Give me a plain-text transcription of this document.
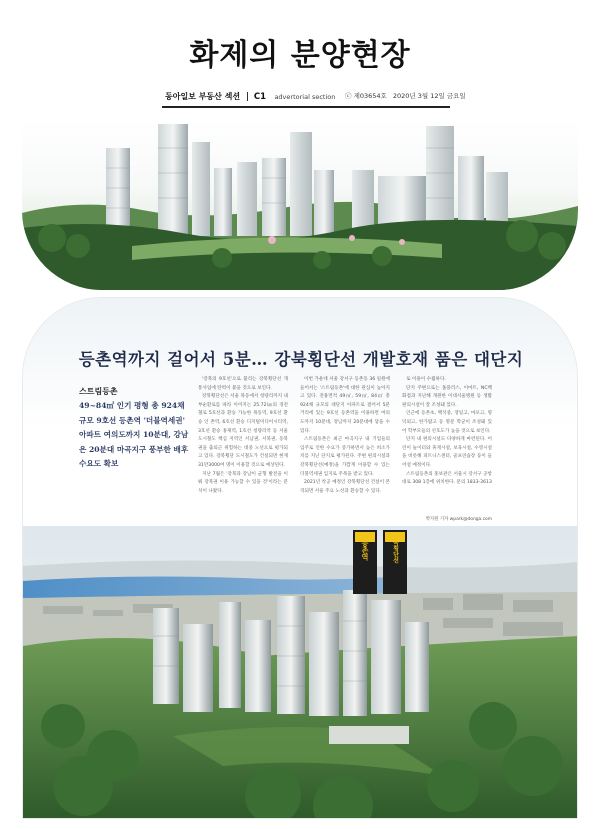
화제의 분양현장
동아일보 부동산 섹션 C1 advertorial section	ⓒ 제03654호 2020년 3월 12일 금요일
등촌역까지 걸어서 5분… 강북횡단선 개발호재 품은 대단지
스트림등촌
49~84㎡ 인기 평형 총 924채 규모 9호선 등촌역 '더블역세권' 아파트 여의도까지 10분대, 강남은 20분대 마곡지구 풍부한 배후수요도 확보

'강북의 9호선'으로 불리는 강북횡단선 개통사업에 탄력이 붙을 것으로 보인다.

강북횡단선은 서울 목동에서 청량리까지 내부순환로를 따라 이어지는 25.72㎞의 경전철로 5호선과 환승 가능한 목동역, 9호선 환승 인 촌역, 6호선 환승 디지털미디어시티역, 3호선 환승 홍제역, 1호선 청량리역 등 서울 도시철도 핵심 지역인 서남권, 서북권, 동북권을 출퇴근 위험하는 대중 노선으로 평가되고 있다. 강북횡단 도시철도가 건설되면 현재 31만3000여 명이 이용할 것으로 예상된다.

지난 7월은 '강북과 강남이 균형 발전을 이뤄 강북권 이용 가능할 수 있을 것'이라는 분석이 나왔다.

이번 가운데 서울 강서구 등촌동 36 일원에 들어서는 '스트림등촌'에 대한 관심이 높아지고 있다. 전용면적 49㎡, 59㎡, 84㎡ 총 924채 규모의 대단지 아파트로 걸어서 5분 거리에 있는 9호선 등촌역을 이용하면 여의도까지 10분대, 강남까지 20분대에 닿을 수 있다.

스트림등촌은 최근 마곡지구 내 기업들의 입주로 인한 수요가 증가하면서 높은 희소가치를 지닌 단지로 평가된다. 주변 편의시설과 강북횡단선(예정)을 가깝게 이용할 수 있는 더블역세권 입지로 주목을 받고 있다.

2021년 착공 예정인 강북횡단선 건설이 본격되면 서울 주요 노선과 환승할 수 있다.

로 이용이 수월하다.

단지 주변으로는 홈플러스, 이마트, NC백화점과 지난해 개원한 이대서울병원 등 생활편의시설이 잘 조성돼 있다.

인근에 등촌초, 백석중, 영일고, 마포고, 명덕외고, 한가람고 등 명문 학군이 조성돼 있어 학부모들의 선호도가 높을 것으로 보인다.

단지 내 편의시설도 다양하게 마련된다. 어린이 놀이터와 휴게시설, 보육시설, 수영시설을 비롯해 피트니스센터, 골프연습장 등이 들어설 예정이다.

스트림등촌의 홍보관은 서울시 강서구 공항대로 308 1층에 위치한다. 문의 1833-3613

박지원 기자 wpark@donga.com
등촌역	강북횡단선
